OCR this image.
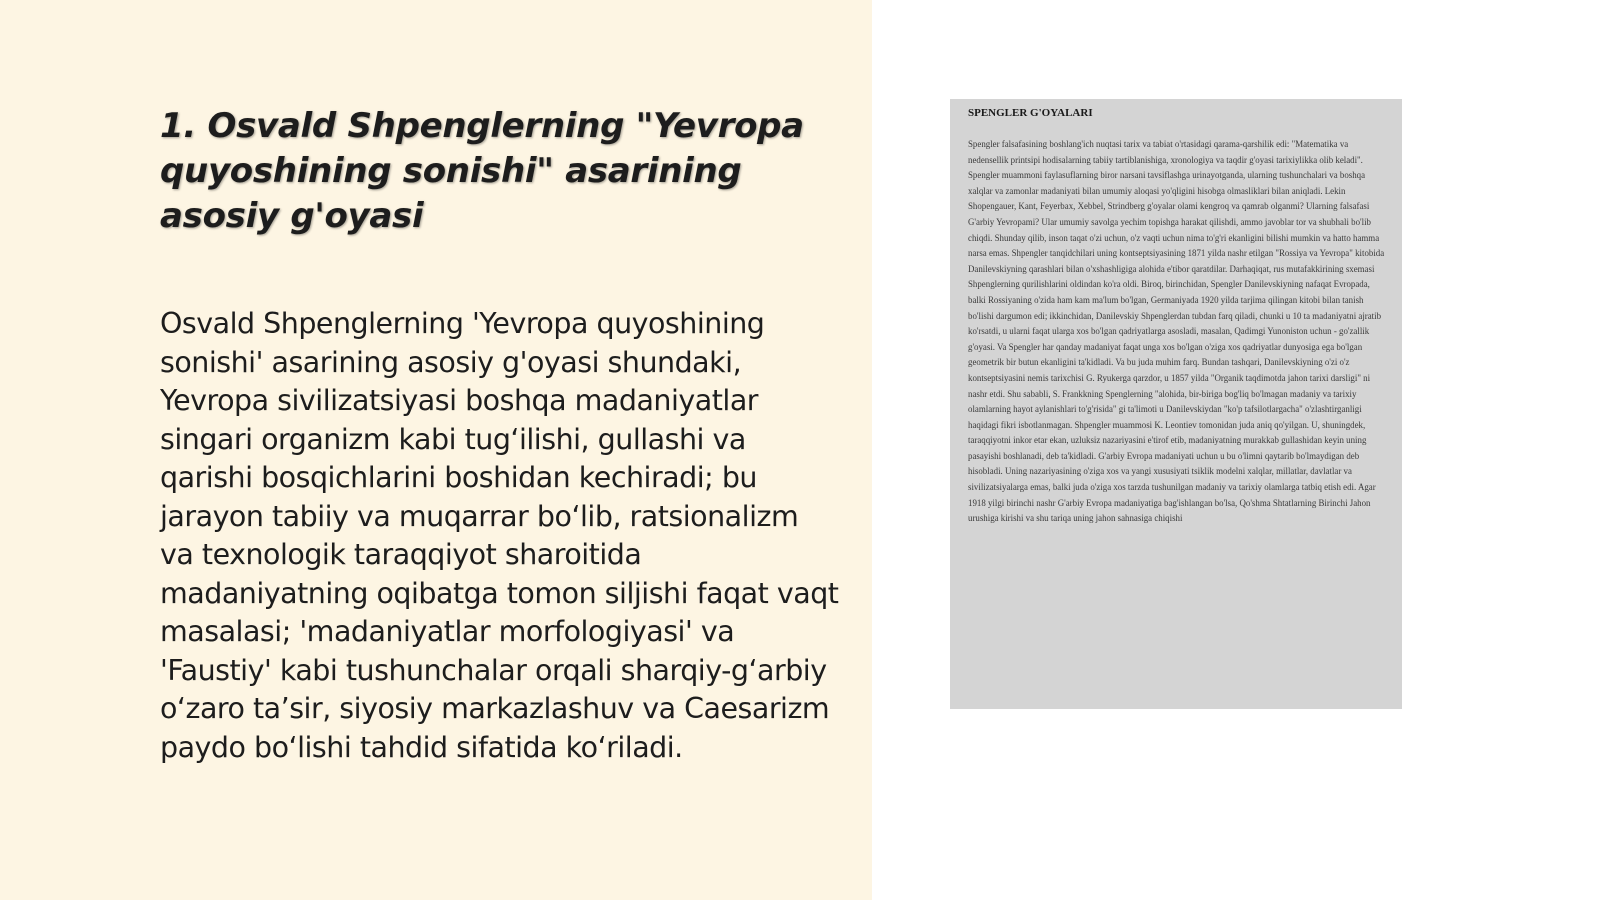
1. Osvald Shpenglerning "Yevropa quyoshining sonishi" asarining asosiy g'oyasi

Osvald Shpenglerning 'Yevropa quyoshining sonishi' asarining asosiy g'oyasi shundaki, Yevropa sivilizatsiyasi boshqa madaniyatlar singari organizm kabi tug‘ilishi, gullashi va qarishi bosqichlarini boshidan kechiradi; bu jarayon tabiiy va muqarrar bo‘lib, ratsionalizm va texnologik taraqqiyot sharoitida madaniyatning oqibatga tomon siljishi faqat vaqt masalasi; 'madaniyatlar morfologiyasi' va 'Faustiy' kabi tushunchalar orqali sharqiy-g‘arbiy o‘zaro ta’sir, siyosiy markazlashuv va Caesarizm paydo bo‘lishi tahdid sifatida ko‘riladi.

SPENGLER G'OYALARI

Spengler falsafasining boshlang'ich nuqtasi tarix va tabiat o'rtasidagi qarama-qarshilik edi: "Matematika va nedensellik printsipi hodisalarning tabiiy tartiblanishiga, xronologiya va taqdir g'oyasi tarixiylikka olib keladi". Spengler muammoni faylasuflarning biror narsani tavsiflashga urinayotganda, ularning tushunchalari va boshqa xalqlar va zamonlar madaniyati bilan umumiy aloqasi yo'qligini hisobga olmasliklari bilan aniqladi. Lekin Shopengauer, Kant, Feyerbax, Xebbel, Strindberg g'oyalar olami kengroq va qamrab olganmi? Ularning falsafasi G'arbiy Yevropami? Ular umumiy savolga yechim topishga harakat qilishdi, ammo javoblar tor va shubhali bo'lib chiqdi. Shunday qilib, inson taqat o'zi uchun, o'z vaqti uchun nima to'g'ri ekanligini bilishi mumkin va hatto hamma narsa emas. Shpengler tanqidchilari uning kontseptsiyasining 1871 yilda nashr etilgan "Rossiya va Yevropa" kitobida Danilevskiyning qarashlari bilan o'xshashligiga alohida e'tibor qaratdilar. Darhaqiqat, rus mutafakkirining sxemasi Shpenglerning qurilishlarini oldindan ko'ra oldi. Biroq, birinchidan, Spengler Danilevskiyning nafaqat Evropada, balki Rossiyaning o'zida ham kam ma'lum bo'lgan, Germaniyada 1920 yilda tarjima qilingan kitobi bilan tanish bo'lishi dargumon edi; ikkinchidan, Danilevskiy Shpenglerdan tubdan farq qiladi, chunki u 10 ta madaniyatni ajratib ko'rsatdi, u ularni faqat ularga xos bo'lgan qadriyatlarga asosladi, masalan, Qadimgi Yunoniston uchun - go'zallik g'oyasi. Va Spengler har qanday madaniyat faqat unga xos bo'lgan o'ziga xos qadriyatlar dunyosiga ega bo'lgan geometrik bir butun ekanligini ta'kidladi. Va bu juda muhim farq. Bundan tashqari, Danilevskiyning o'zi o'z kontseptsiyasini nemis tarixchisi G. Ryukerga qarzdor, u 1857 yilda "Organik taqdimotda jahon tarixi darsligi" ni nashr etdi. Shu sababli, S. Frankkning Spenglerning "alohida, bir-biriga bog'liq bo'lmagan madaniy va tarixiy olamlarning hayot aylanishlari to'g'risida" gi ta'limoti u Danilevskiydan "ko'p tafsilotlargacha" o'zlashtirganligi haqidagi fikri isbotlanmagan. Shpengler muammosi K. Leontiev tomonidan juda aniq qo'yilgan. U, shuningdek, taraqqiyotni inkor etar ekan, uzluksiz nazariyasini e'tirof etib, madaniyatning murakkab gullashidan keyin uning pasayishi boshlanadi, deb ta'kidladi. G'arbiy Evropa madaniyati uchun u bu o'limni qaytarib bo'lmaydigan deb hisobladi. Uning nazariyasining o'ziga xos va yangi xususiyati tsiklik modelni xalqlar, millatlar, davlatlar va sivilizatsiyalarga emas, balki juda o'ziga xos tarzda tushunilgan madaniy va tarixiy olamlarga tatbiq etish edi. Agar 1918 yilgi birinchi nashr G'arbiy Evropa madaniyatiga bag'ishlangan bo'lsa, Qo'shma Shtatlarning Birinchi Jahon urushiga kirishi va shu tariqa uning jahon sahnasiga chiqishi
